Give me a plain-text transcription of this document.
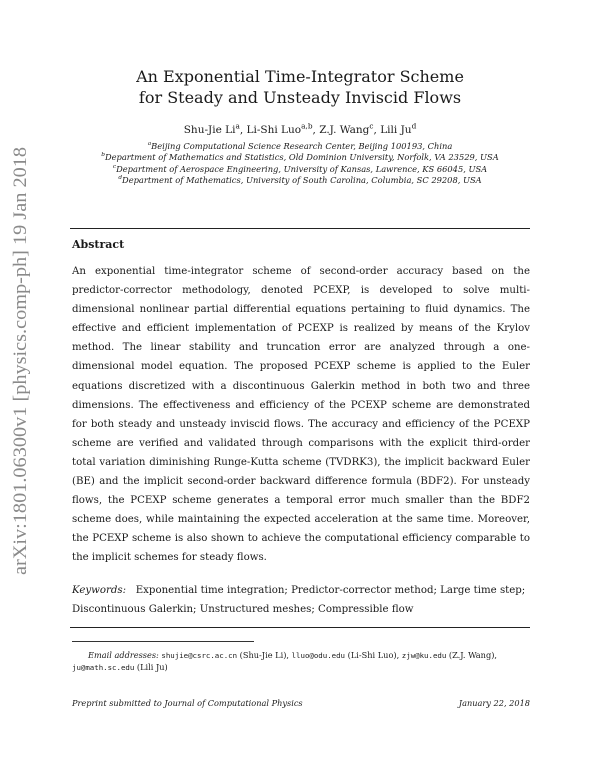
arXiv:1801.06300v1 [physics.comp-ph] 19 Jan 2018
An Exponential Time-Integrator Scheme
for Steady and Unsteady Inviscid Flows
Shu-Jie Li$^a$, Li-Shi Luo$^{a,b}$, Z.J. Wang$^c$, Lili Ju$^d$
$^a$Beijing Computational Science Research Center, Beijing 100193, China
$^b$Department of Mathematics and Statistics, Old Dominion University, Norfolk, VA 23529, USA
$^c$Department of Aerospace Engineering, University of Kansas, Lawrence, KS 66045, USA
$^d$Department of Mathematics, University of South Carolina, Columbia, SC 29208, USA
Abstract
An exponential time-integrator scheme of second-order accuracy based on the predictor-corrector methodology, denoted PCEXP, is developed to solve multi-dimensional nonlinear partial differential equations pertaining to fluid dynamics. The effective and efficient implementation of PCEXP is realized by means of the Krylov method. The linear stability and truncation error are analyzed through a one-dimensional model equation. The proposed PCEXP scheme is applied to the Euler equations discretized with a discontinuous Galerkin method in both two and three dimensions. The effectiveness and efficiency of the PCEXP scheme are demonstrated for both steady and unsteady inviscid flows. The accuracy and efficiency of the PCEXP scheme are verified and validated through comparisons with the explicit third-order total variation diminishing Runge-Kutta scheme (TVDRK3), the implicit backward Euler (BE) and the implicit second-order backward difference formula (BDF2). For unsteady flows, the PCEXP scheme generates a temporal error much smaller than the BDF2 scheme does, while maintaining the expected acceleration at the same time. Moreover, the PCEXP scheme is also shown to achieve the computational efficiency comparable to the implicit schemes for steady flows.
Keywords: Exponential time integration; Predictor-corrector method; Large time step; Discontinuous Galerkin; Unstructured meshes; Compressible flow
Email addresses: shujie@csrc.ac.cn (Shu-Jie Li), lluo@odu.edu (Li-Shi Luo), zjw@ku.edu (Z.J. Wang), ju@math.sc.edu (Lili Ju)
Preprint submitted to Journal of Computational Physics	January 22, 2018
